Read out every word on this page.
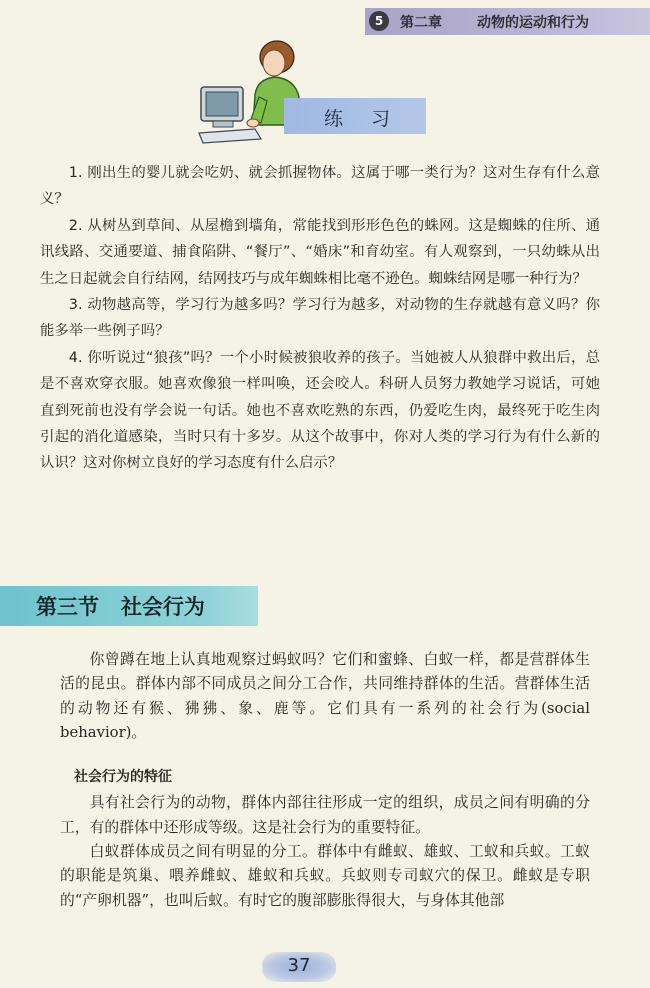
5	第二章	动物的运动和行为
练习

1. 刚出生的婴儿就会吃奶、就会抓握物体。这属于哪一类行为？这对生存有什么意义？

2. 从树丛到草间、从屋檐到墙角，常能找到形形色色的蛛网。这是蜘蛛的住所、通讯线路、交通要道、捕食陷阱、“餐厅”、“婚床”和育幼室。有人观察到，一只幼蛛从出生之日起就会自行结网，结网技巧与成年蜘蛛相比毫不逊色。蜘蛛结网是哪一种行为？

3. 动物越高等，学习行为越多吗？学习行为越多，对动物的生存就越有意义吗？你能多举一些例子吗？

4. 你听说过“狼孩”吗？一个小时候被狼收养的孩子。当她被人从狼群中救出后，总是不喜欢穿衣服。她喜欢像狼一样叫唤，还会咬人。科研人员努力教她学习说话，可她直到死前也没有学会说一句话。她也不喜欢吃熟的东西，仍爱吃生肉，最终死于吃生肉引起的消化道感染，当时只有十多岁。从这个故事中，你对人类的学习行为有什么新的认识？这对你树立良好的学习态度有什么启示？

第三节   社会行为

你曾蹲在地上认真地观察过蚂蚁吗？它们和蜜蜂、白蚁一样，都是营群体生活的昆虫。群体内部不同成员之间分工合作，共同维持群体的生活。营群体生活的动物还有猴、狒狒、象、鹿等。它们具有一系列的社会行为(social behavior)。

社会行为的特征

具有社会行为的动物，群体内部往往形成一定的组织，成员之间有明确的分工，有的群体中还形成等级。这是社会行为的重要特征。

白蚁群体成员之间有明显的分工。群体中有雌蚁、雄蚁、工蚁和兵蚁。工蚁的职能是筑巢、喂养雌蚁、雄蚁和兵蚁。兵蚁则专司蚁穴的保卫。雌蚁是专职的“产卵机器”，也叫后蚁。有时它的腹部膨胀得很大，与身体其他部

37
